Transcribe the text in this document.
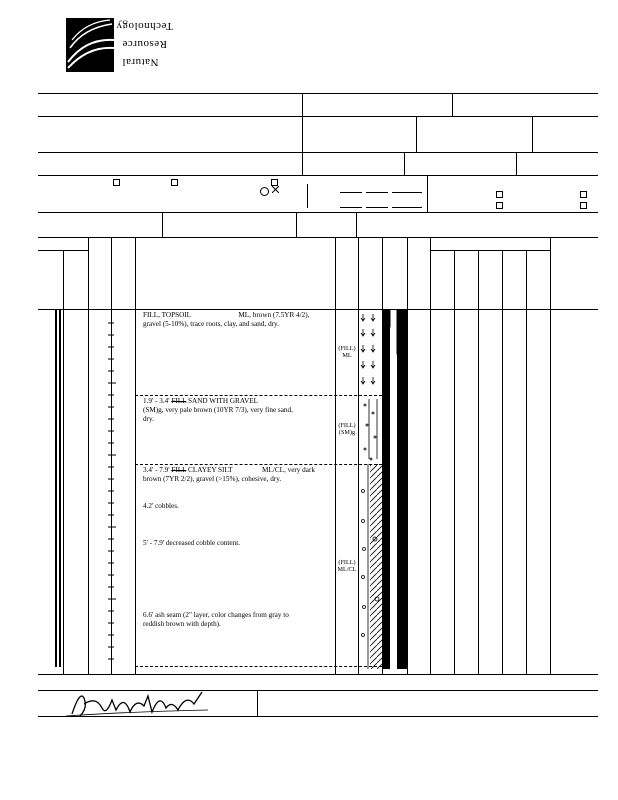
Technology
Resource
Natural
FILL, TOPSOIL	ML, brown (7.5YR 4/2),
gravel (5-10%), trace roots, clay, and sand, dry.
1.9' - 3.4' FILL SAND WITH GRAVEL
(SM)g, very pale brown (10YR 7/3), very fine sand,
dry.
3.4' - 7.9' FILL CLAYEY SILT	ML/CL, very dark
brown (7YR 2/2), gravel (>15%), cohesive, dry.
4.2' cobbles.
5' - 7.9' decreased cobble content.
6.6' ash seam (2" layer, color changes from gray to
reddish brown with depth).
(FILL)
ML
(FILL)
(SM)g
(FILL)
ML/CL
